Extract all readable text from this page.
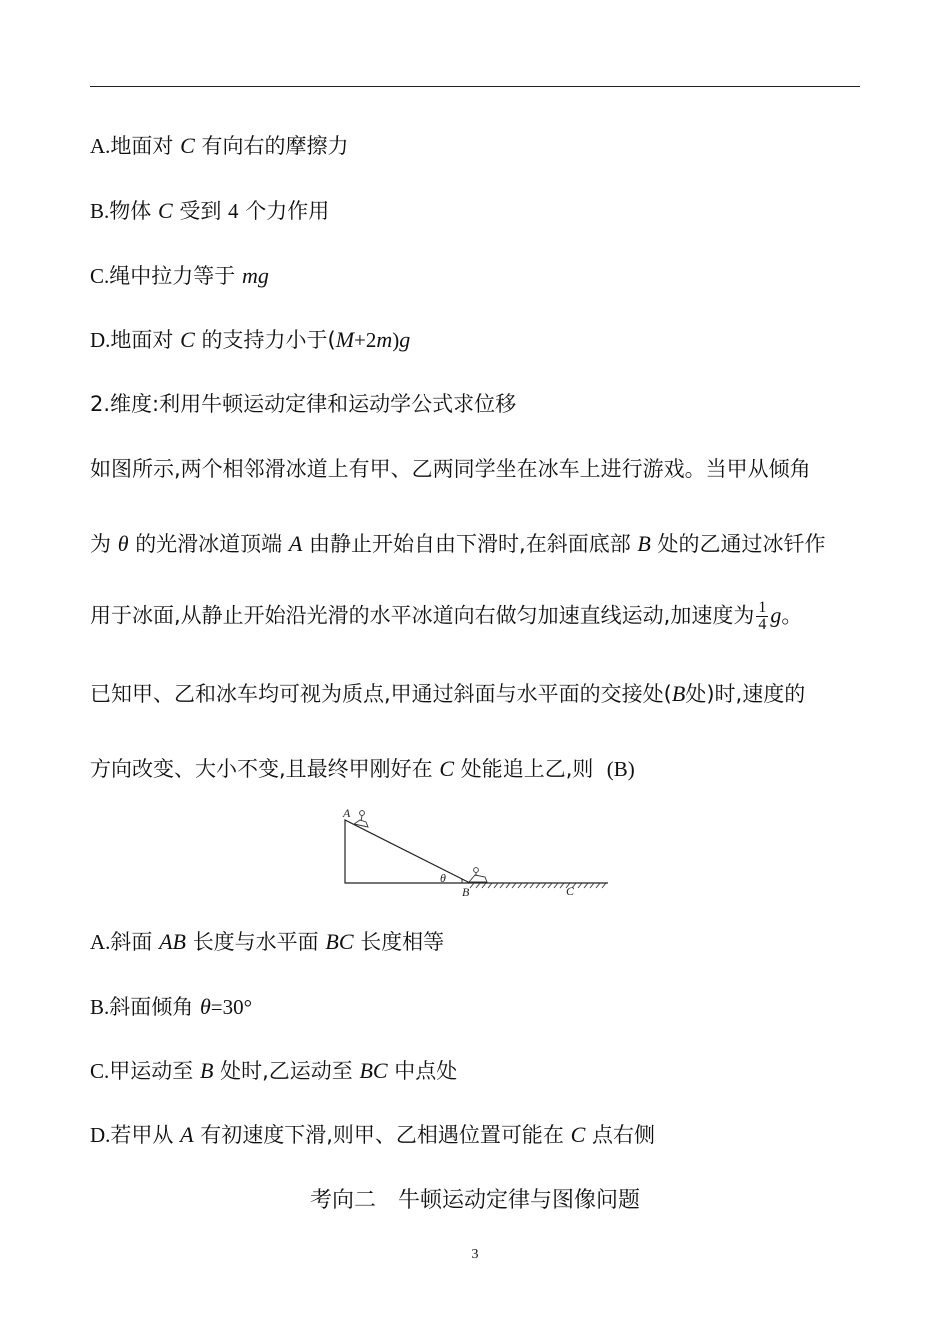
A.地面对 C 有向右的摩擦力
B.物体 C 受到 4 个力作用
C.绳中拉力等于 mg
D.地面对 C 的支持力小于(M+2m)g
2.维度:利用牛顿运动定律和运动学公式求位移
如图所示,两个相邻滑冰道上有甲、乙两同学坐在冰车上进行游戏。当甲从倾角
为 θ 的光滑冰道顶端 A 由静止开始自由下滑时,在斜面底部 B 处的乙通过冰钎作
用于冰面,从静止开始沿光滑的水平冰道向右做匀加速直线运动,加速度为 $\frac{1}{4}$ g。
已知甲、乙和冰车均可视为质点,甲通过斜面与水平面的交接处(B处)时,速度的
方向改变、大小不变,且最终甲刚好在 C 处能追上乙,则 (B)
A
B	C
θ
A.斜面 AB 长度与水平面 BC 长度相等
B.斜面倾角 θ=30°
C.甲运动至 B 处时,乙运动至 BC 中点处
D.若甲从 A 有初速度下滑,则甲、乙相遇位置可能在 C 点右侧
考向二　牛顿运动定律与图像问题
3
